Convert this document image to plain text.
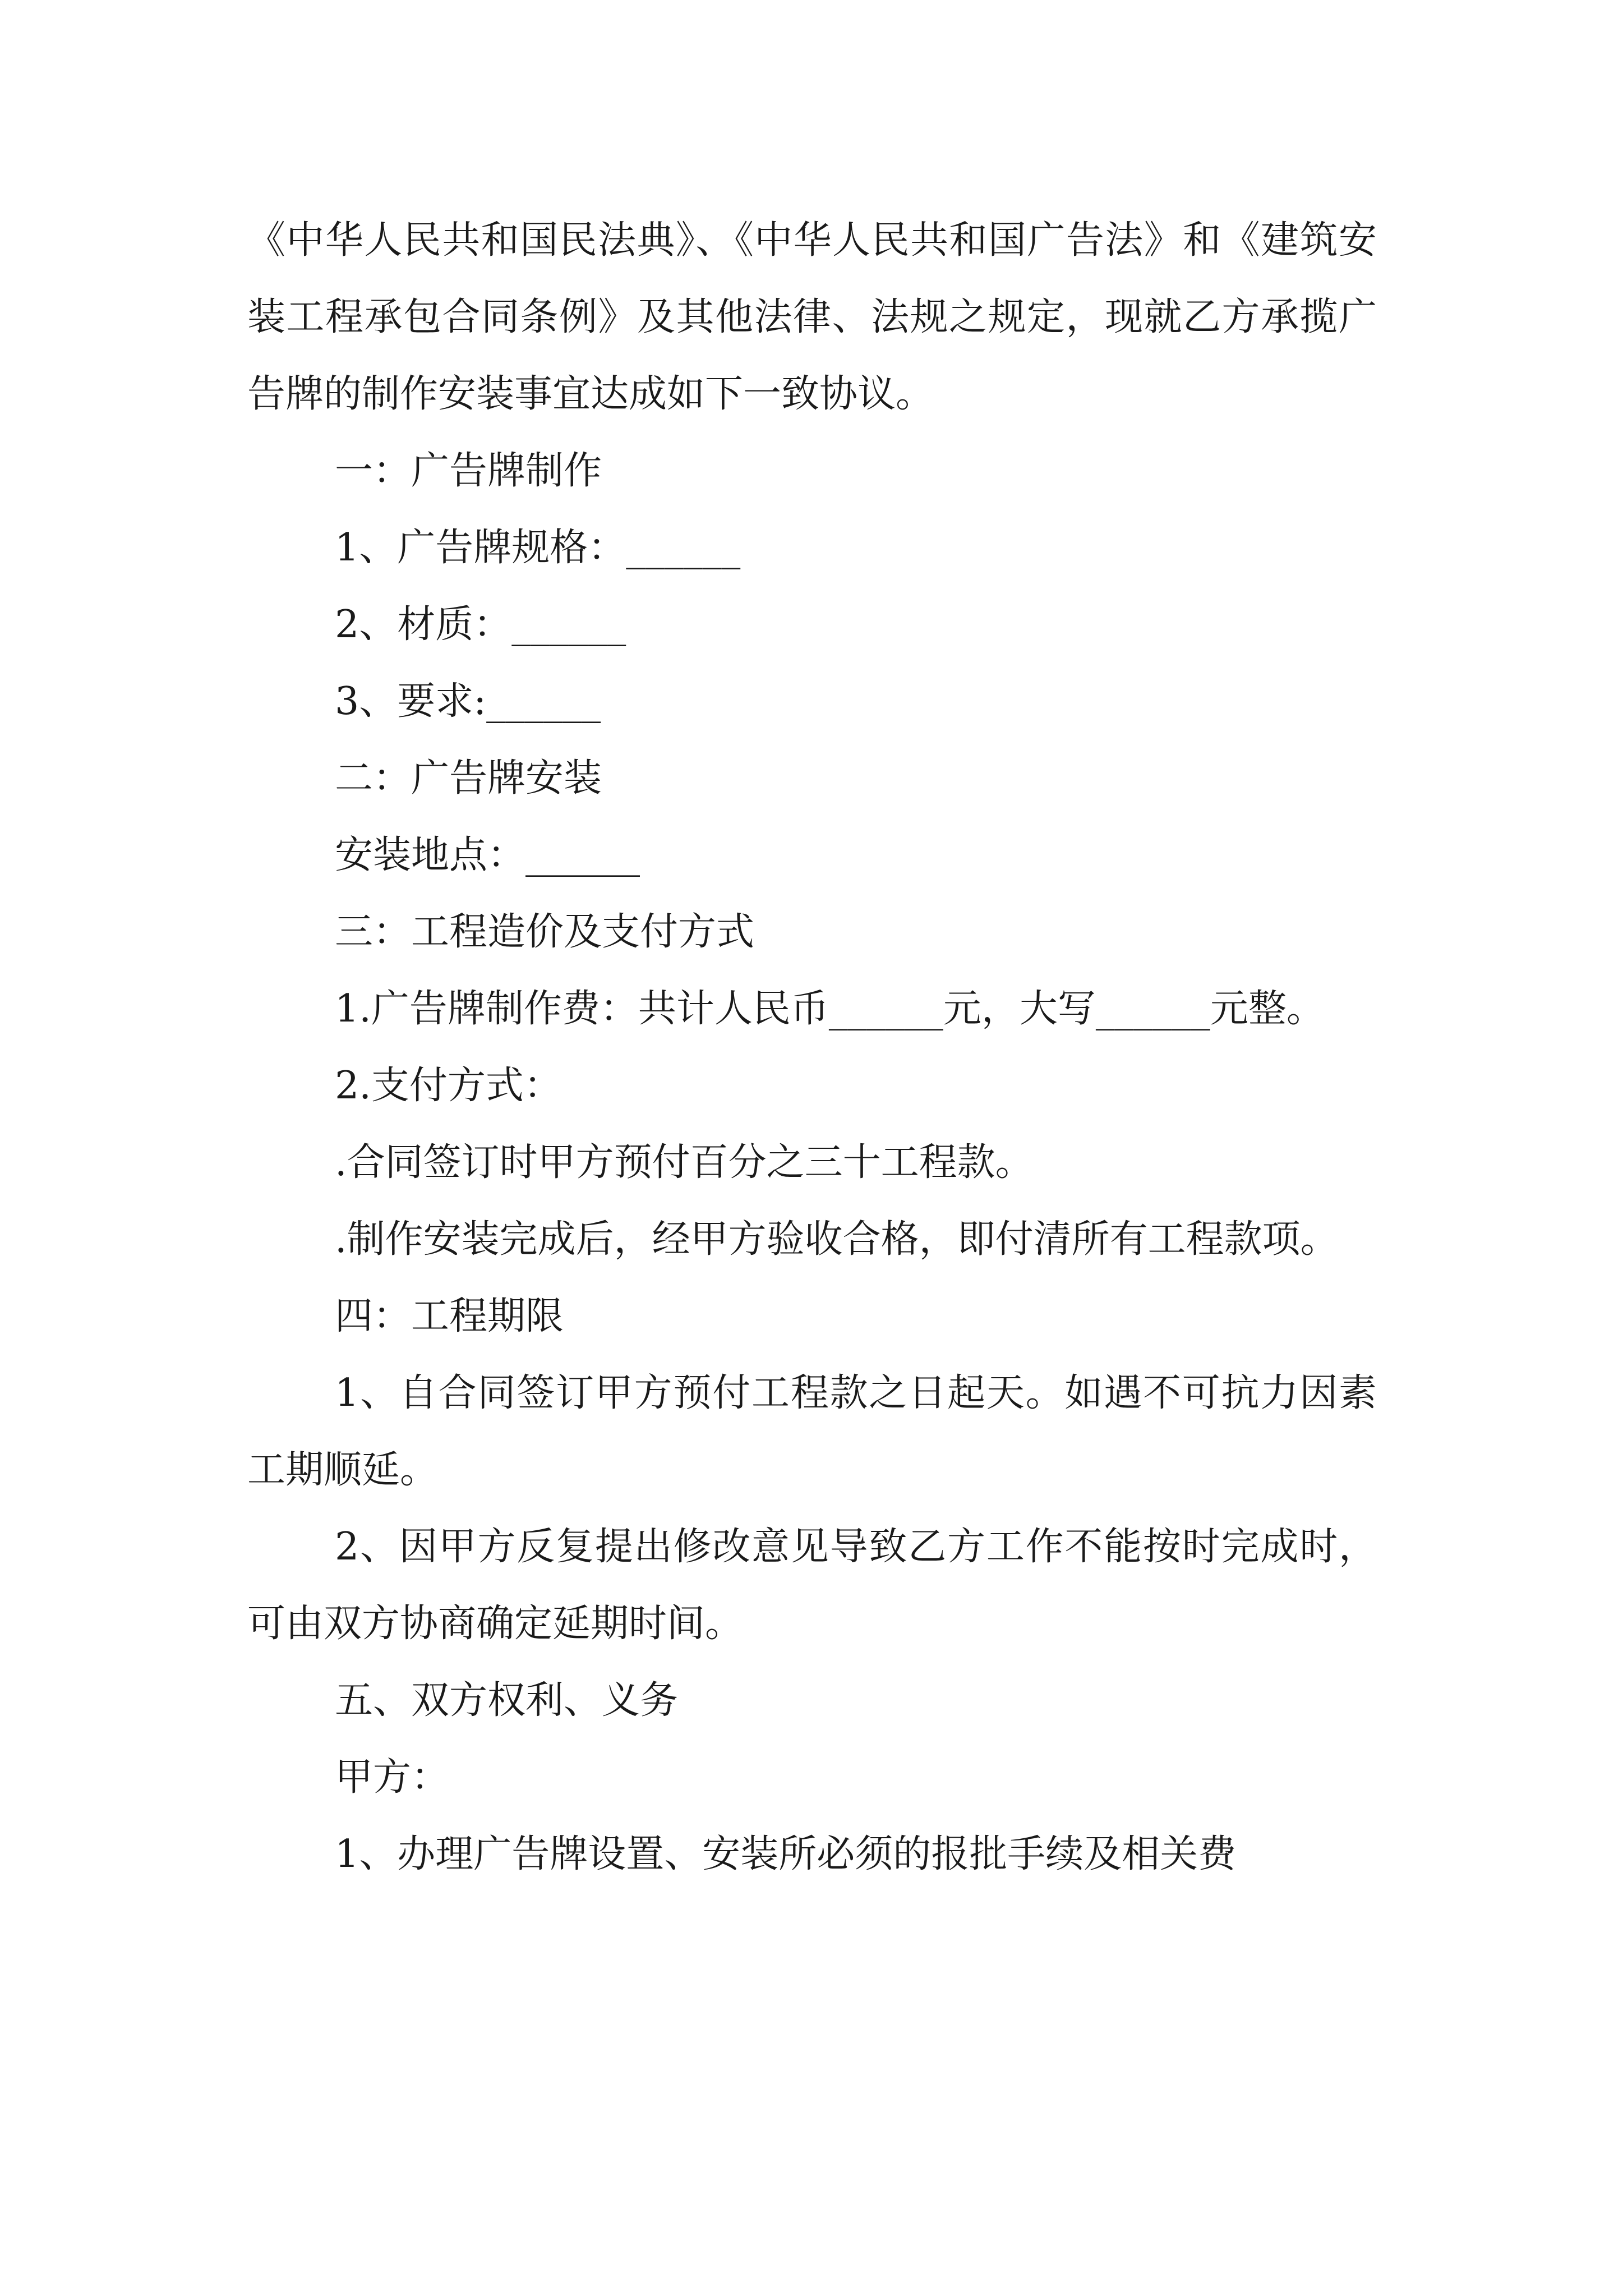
《中华人民共和国民法典》、《中华人民共和国广告法》和《建筑安装工程承包合同条例》及其他法律、法规之规定，现就乙方承揽广告牌的制作安装事宜达成如下一致协议。

一：广告牌制作

1、广告牌规格：______

2、材质：______

3、要求:______

二：广告牌安装

安装地点：______

三：工程造价及支付方式

1.广告牌制作费：共计人民币______元，大写______元整。

2.支付方式：

.合同签订时甲方预付百分之三十工程款。

.制作安装完成后，经甲方验收合格，即付清所有工程款项。

四：工程期限

1、自合同签订甲方预付工程款之日起天。如遇不可抗力因素工期顺延。

2、因甲方反复提出修改意见导致乙方工作不能按时完成时，可由双方协商确定延期时间。

五、双方权利、义务

甲方：

1、办理广告牌设置、安装所必须的报批手续及相关费
